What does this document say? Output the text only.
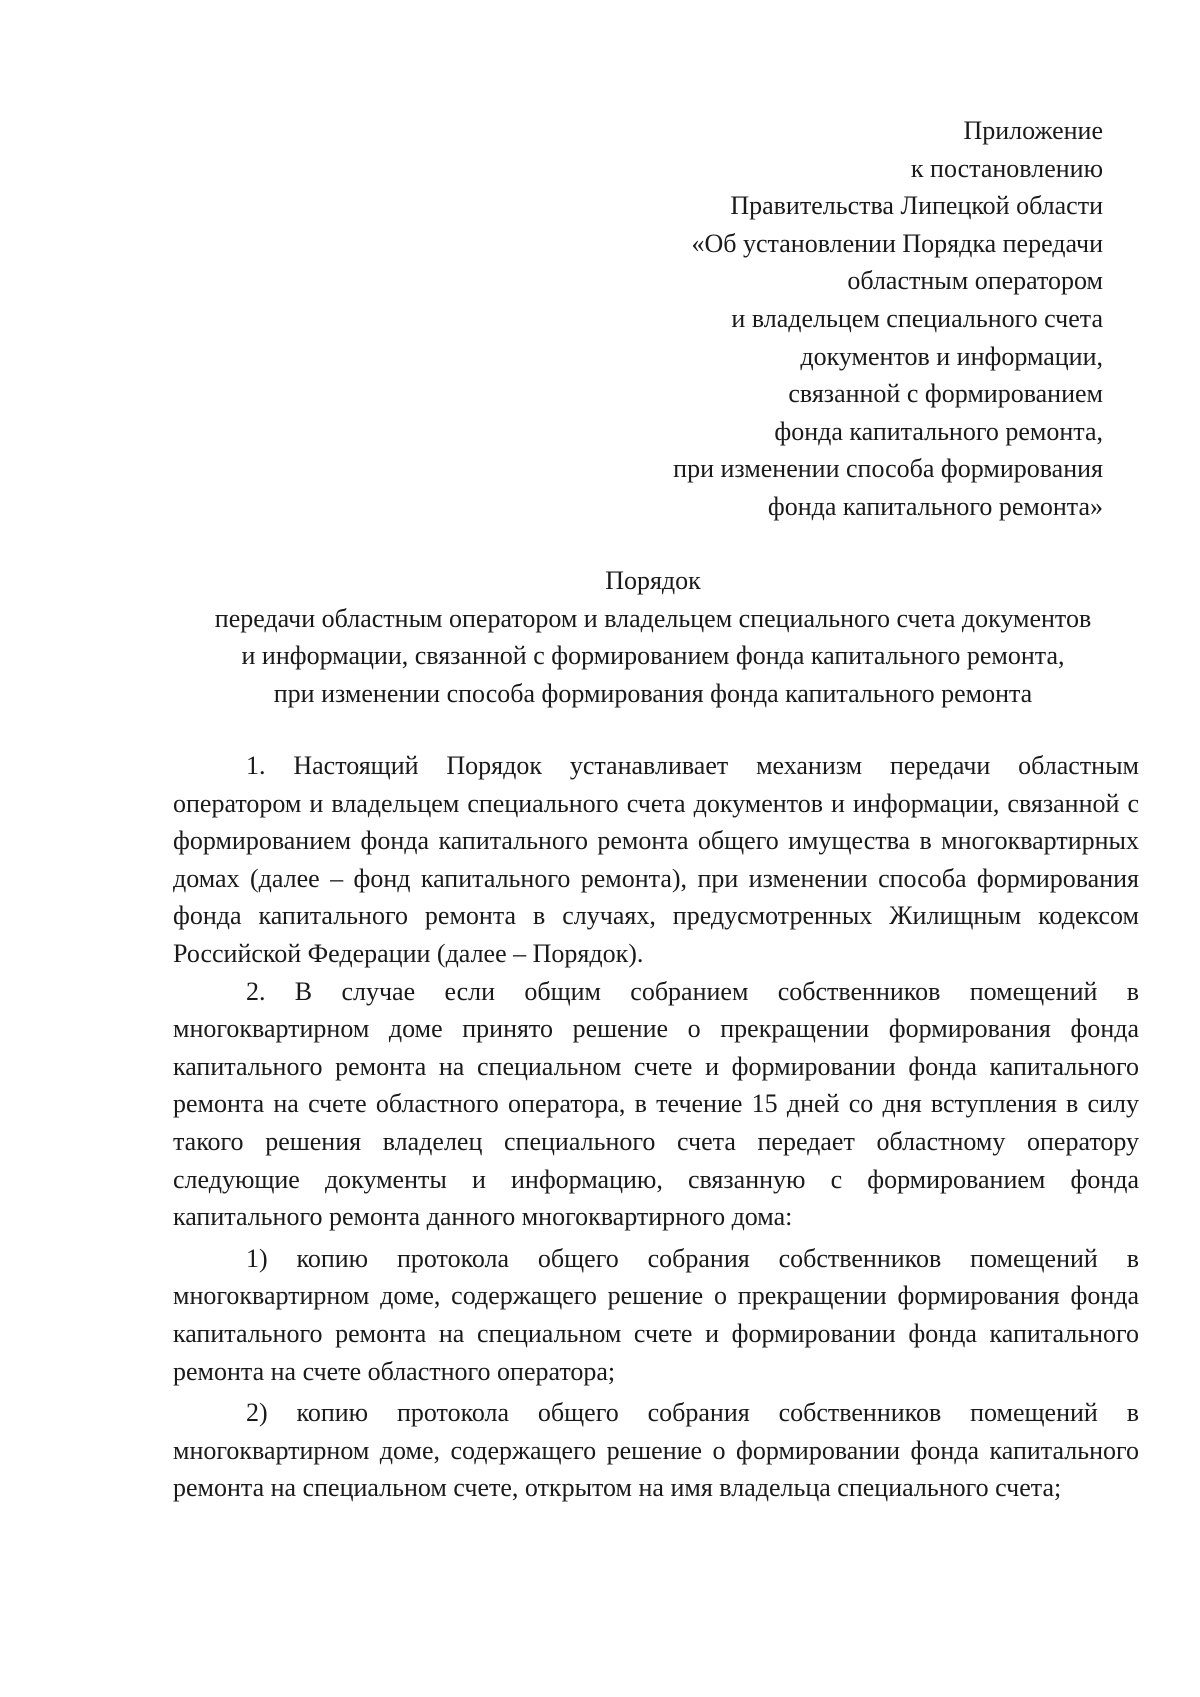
Приложение
к постановлению
Правительства Липецкой области
«Об установлении Порядка передачи
областным оператором
и владельцем специального счета
документов и информации,
связанной с формированием
фонда капитального ремонта,
при изменении способа формирования
фонда капитального ремонта»
Порядок
передачи областным оператором и владельцем специального счета документов
и информации, связанной с формированием фонда капитального ремонта,
при изменении способа формирования фонда капитального ремонта

1. Настоящий Порядок устанавливает механизм передачи областным оператором и владельцем специального счета документов и информации, связанной с формированием фонда капитального ремонта общего имущества в многоквартирных домах (далее – фонд капитального ремонта), при изменении способа формирования фонда капитального ремонта в случаях, предусмотренных Жилищным кодексом Российской Федерации (далее – Порядок).

2. В случае если общим собранием собственников помещений в многоквартирном доме принято решение о прекращении формирования фонда капитального ремонта на специальном счете и формировании фонда капитального ремонта на счете областного оператора, в течение 15 дней со дня вступления в силу такого решения владелец специального счета передает областному оператору следующие документы и информацию, связанную с формированием фонда капитального ремонта данного многоквартирного дома:

1) копию протокола общего собрания собственников помещений в многоквартирном доме, содержащего решение о прекращении формирования фонда капитального ремонта на специальном счете и формировании фонда капитального ремонта на счете областного оператора;

2) копию протокола общего собрания собственников помещений в многоквартирном доме, содержащего решение о формировании фонда капитального ремонта на специальном счете, открытом на имя владельца специального счета;
